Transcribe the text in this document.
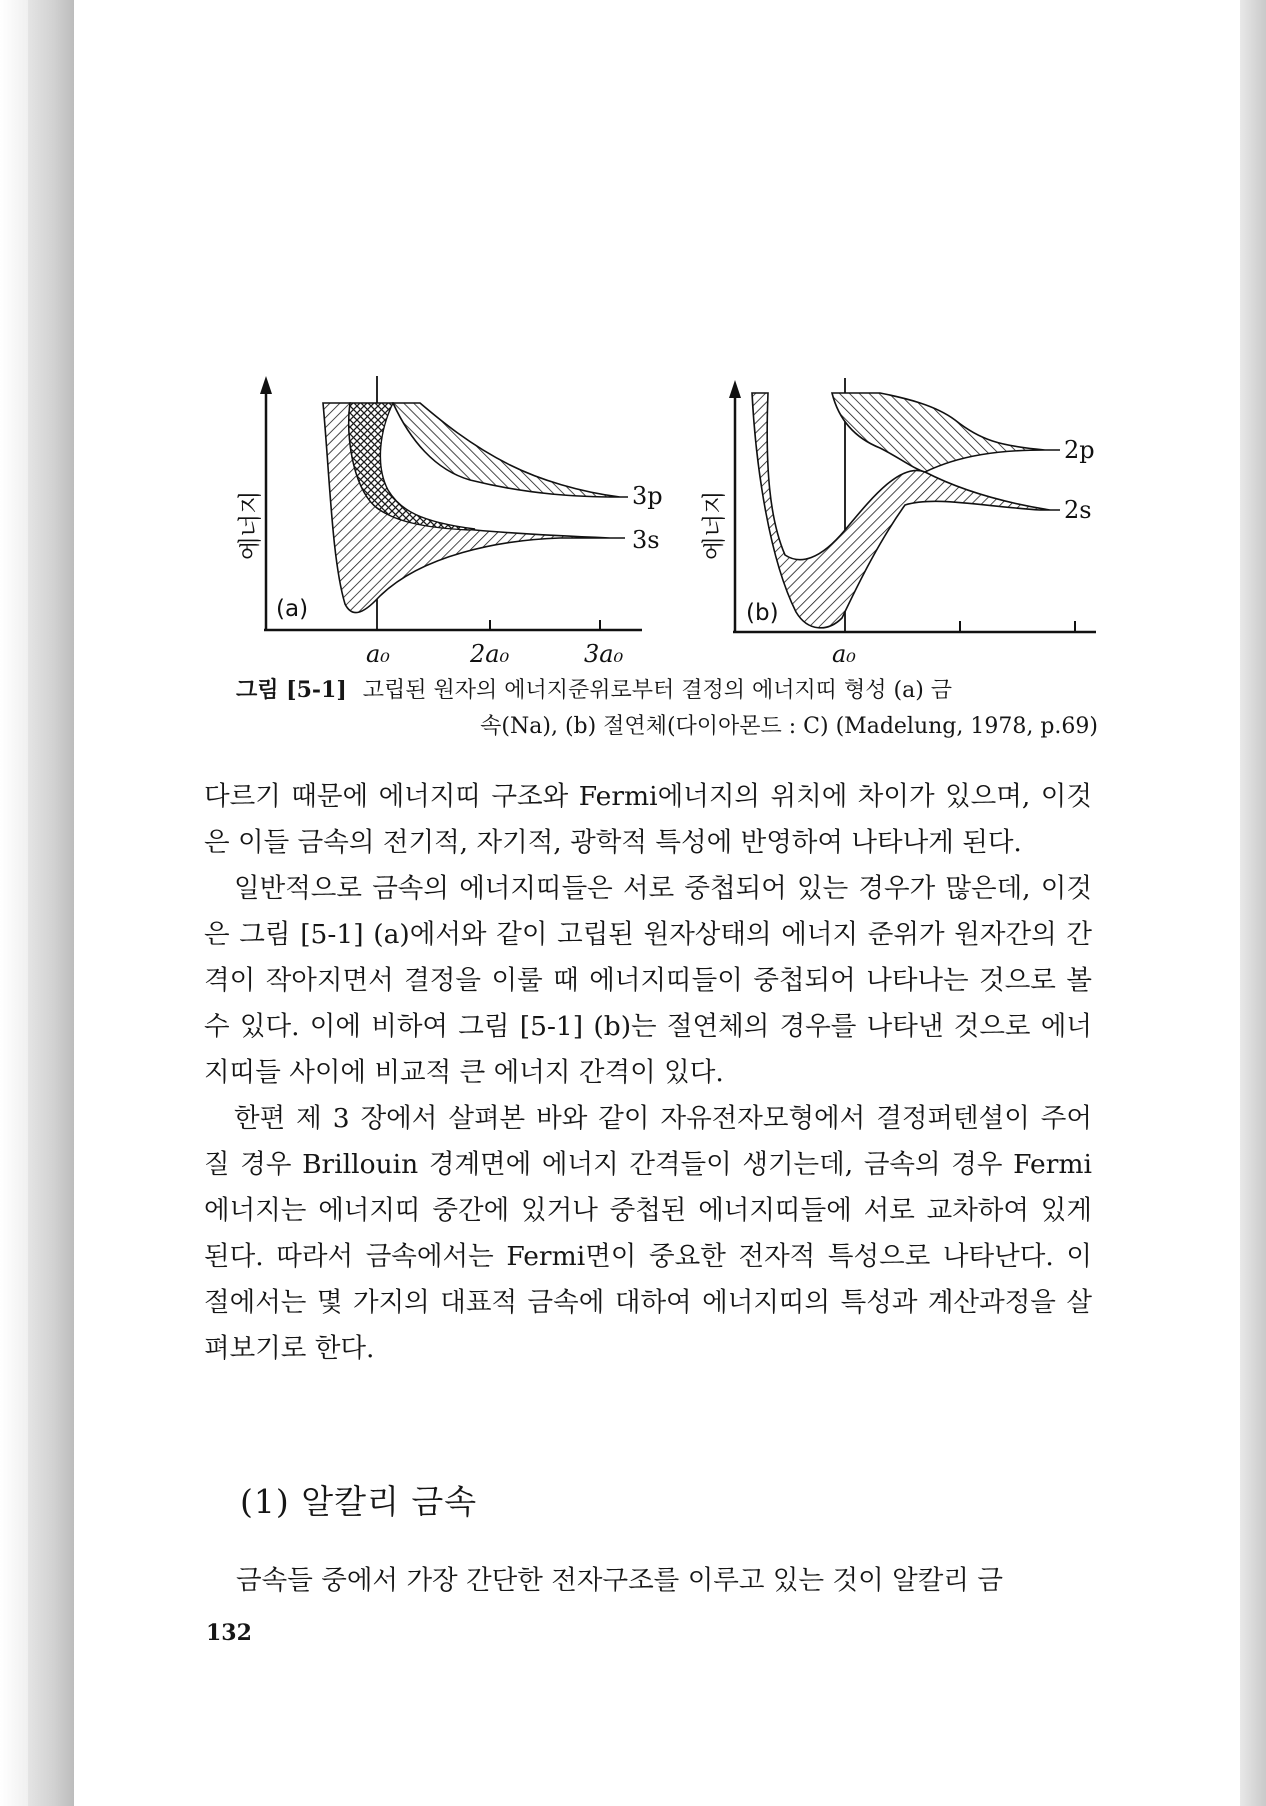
3p
3s
(a)
a₀	2a₀	3a₀
에너지
2p
2s
(b)
a₀
에너지
그림 [5-1] 고립된 원자의 에너지준위로부터 결정의 에너지띠 형성 (a) 금
속(Na), (b) 절연체(다이아몬드 : C) (Madelung, 1978, p.69)

다르기 때문에 에너지띠 구조와 Fermi에너지의 위치에 차이가 있으며, 이것은 이들 금속의 전기적, 자기적, 광학적 특성에 반영하여 나타나게 된다.

일반적으로 금속의 에너지띠들은 서로 중첩되어 있는 경우가 많은데, 이것은 그림 [5-1] (a)에서와 같이 고립된 원자상태의 에너지 준위가 원자간의 간격이 작아지면서 결정을 이룰 때 에너지띠들이 중첩되어 나타나는 것으로 볼 수 있다. 이에 비하여 그림 [5-1] (b)는 절연체의 경우를 나타낸 것으로 에너지띠들 사이에 비교적 큰 에너지 간격이 있다.

한편 제 3 장에서 살펴본 바와 같이 자유전자모형에서 결정퍼텐셜이 주어질 경우 Brillouin 경계면에 에너지 간격들이 생기는데, 금속의 경우 Fermi에너지는 에너지띠 중간에 있거나 중첩된 에너지띠들에 서로 교차하여 있게 된다. 따라서 금속에서는 Fermi면이 중요한 전자적 특성으로 나타난다. 이 절에서는 몇 가지의 대표적 금속에 대하여 에너지띠의 특성과 계산과정을 살펴보기로 한다.

(1) 알칼리 금속
금속들 중에서 가장 간단한 전자구조를 이루고 있는 것이 알칼리 금
132
